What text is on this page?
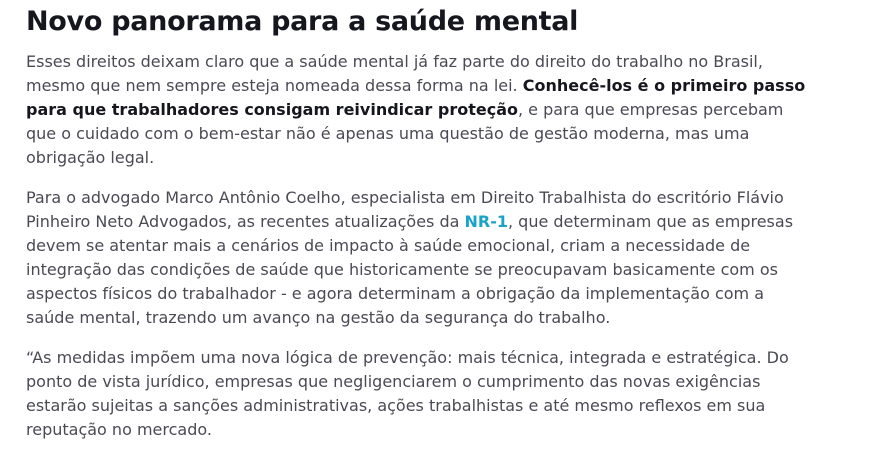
Novo panorama para a saúde mental

Esses direitos deixam claro que a saúde mental já faz parte do direito do trabalho no Brasil, mesmo que nem sempre esteja nomeada dessa forma na lei. Conhecê-los é o primeiro passo para que trabalhadores consigam reivindicar proteção, e para que empresas percebam que o cuidado com o bem-estar não é apenas uma questão de gestão moderna, mas uma obrigação legal.

Para o advogado Marco Antônio Coelho, especialista em Direito Trabalhista do escritório Flávio Pinheiro Neto Advogados, as recentes atualizações da NR-1, que determinam que as empresas devem se atentar mais a cenários de impacto à saúde emocional, criam a necessidade de integração das condições de saúde que historicamente se preocupavam basicamente com os aspectos físicos do trabalhador - e agora determinam a obrigação da implementação com a saúde mental, trazendo um avanço na gestão da segurança do trabalho.

“As medidas impõem uma nova lógica de prevenção: mais técnica, integrada e estratégica. Do ponto de vista jurídico, empresas que negligenciarem o cumprimento das novas exigências estarão sujeitas a sanções administrativas, ações trabalhistas e até mesmo reflexos em sua reputação no mercado.
